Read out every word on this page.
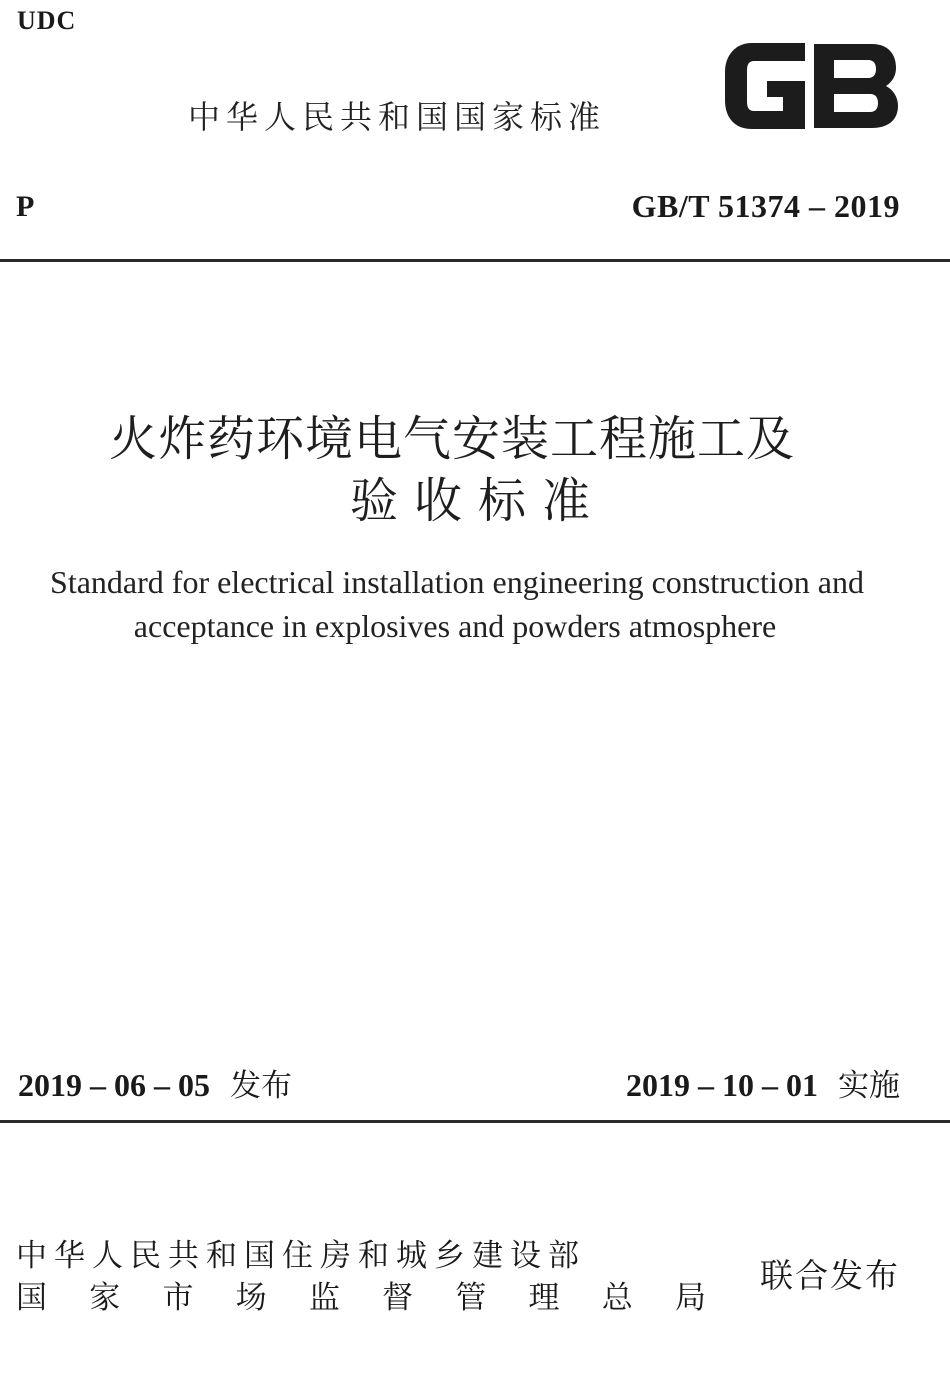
UDC
中华人民共和国国家标准
P	GB/T 51374 – 2019
火炸药环境电气安装工程施工及
验收标准
Standard for electrical installation engineering construction and
acceptance in explosives and powders atmosphere
2019 – 06 – 05 发布	2019 – 10 – 01 实施
中华人民共和国住房和城乡建设部
国 家 市 场 监 督 管 理 总 局
联合发布
